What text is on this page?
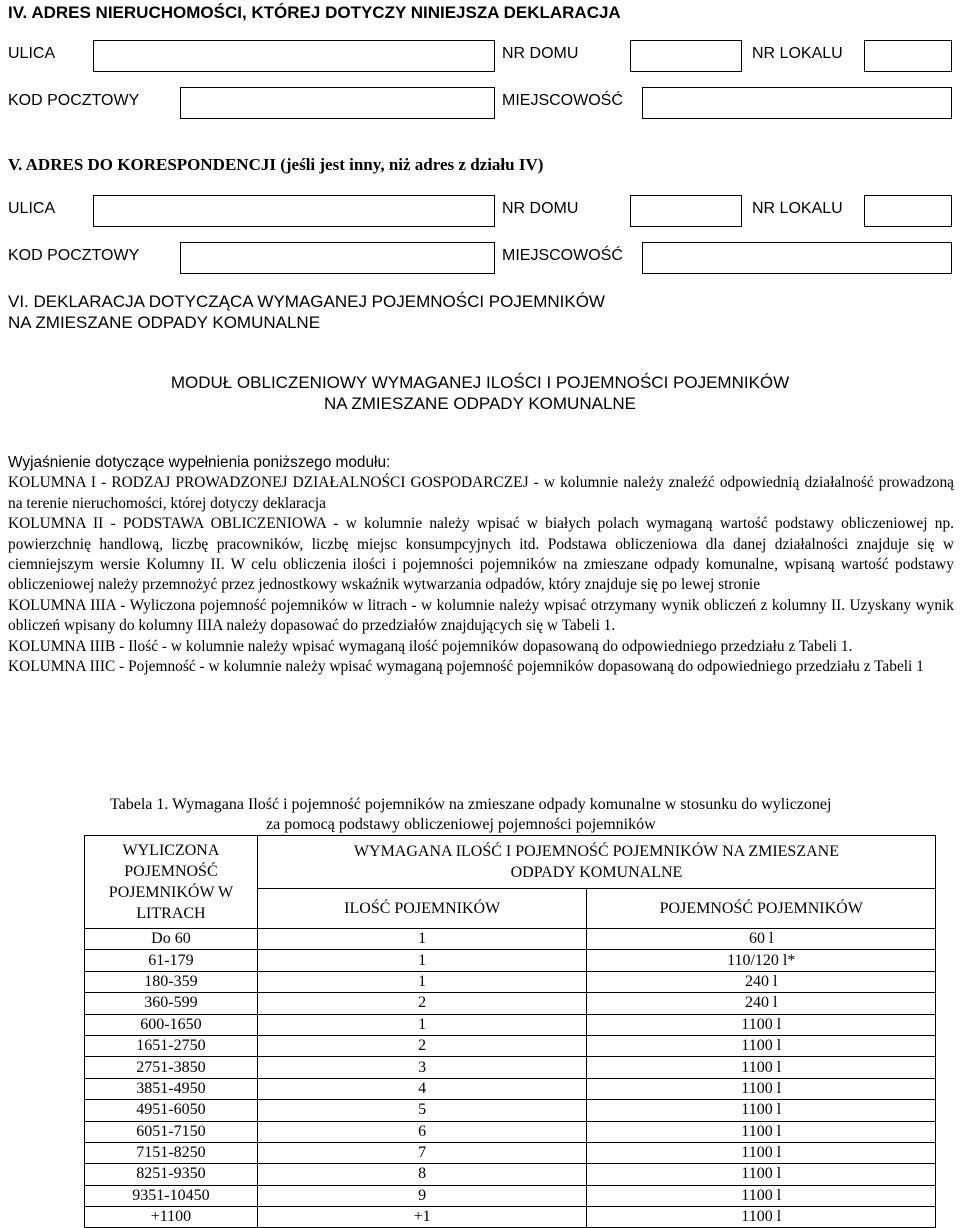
IV. ADRES NIERUCHOMOŚCI, KTÓREJ DOTYCZY NINIEJSZA DEKLARACJA
ULICA	NR DOMU	NR LOKALU
KOD POCZTOWY	MIEJSCOWOŚĆ
V. ADRES DO KORESPONDENCJI (jeśli jest inny, niż adres z działu IV)
ULICA	NR DOMU	NR LOKALU
KOD POCZTOWY	MIEJSCOWOŚĆ
VI. DEKLARACJA DOTYCZĄCA WYMAGANEJ POJEMNOŚCI POJEMNIKÓW
NA ZMIESZANE ODPADY KOMUNALNE
MODUŁ OBLICZENIOWY WYMAGANEJ ILOŚCI I POJEMNOŚCI POJEMNIKÓW
NA ZMIESZANE ODPADY KOMUNALNE

Wyjaśnienie dotyczące wypełnienia poniższego modułu:

KOLUMNA I - RODZAJ PROWADZONEJ DZIAŁALNOŚCI GOSPODARCZEJ - w kolumnie należy znaleźć odpowiednią działalność prowadzoną na terenie nieruchomości, której dotyczy deklaracja

KOLUMNA II - PODSTAWA OBLICZENIOWA - w kolumnie należy wpisać w białych polach wymaganą wartość podstawy obliczeniowej np. powierzchnię handlową, liczbę pracowników, liczbę miejsc konsumpcyjnych itd. Podstawa obliczeniowa dla danej działalności znajduje się w ciemniejszym wersie Kolumny II. W celu obliczenia ilości i pojemności pojemników na zmieszane odpady komunalne, wpisaną wartość podstawy obliczeniowej należy przemnożyć przez jednostkowy wskaźnik wytwarzania odpadów, który znajduje się po lewej stronie

KOLUMNA IIIA - Wyliczona pojemność pojemników w litrach - w kolumnie należy wpisać otrzymany wynik obliczeń z kolumny II. Uzyskany wynik obliczeń wpisany do kolumny IIIA należy dopasować do przedziałów znajdujących się w Tabeli 1.

KOLUMNA IIIB - Ilość - w kolumnie należy wpisać wymaganą ilość pojemników dopasowaną do odpowiedniego przedziału z Tabeli 1.

KOLUMNA IIIC - Pojemność - w kolumnie należy wpisać wymaganą pojemność pojemników dopasowaną do odpowiedniego przedziału z Tabeli 1

Tabela 1. Wymagana Ilość i pojemność pojemników na zmieszane odpady komunalne w stosunku do wyliczonej
za pomocą podstawy obliczeniowej pojemności pojemników
WYLICZONA POJEMNOŚĆ POJEMNIKÓW W LITRACH	WYMAGANA ILOŚĆ I POJEMNOŚĆ POJEMNIKÓW NA ZMIESZANE ODPADY KOMUNALNE	
	ILOŚĆ POJEMNIKÓW	POJEMNOŚĆ POJEMNIKÓW
Do 60	1	60 l
61-179	1	110/120 l*
180-359	1	240 l
360-599	2	240 l
600-1650	1	1100 l
1651-2750	2	1100 l
2751-3850	3	1100 l
3851-4950	4	1100 l
4951-6050	5	1100 l
6051-7150	6	1100 l
7151-8250	7	1100 l
8251-9350	8	1100 l
9351-10450	9	1100 l
+1100	+1	1100 l
